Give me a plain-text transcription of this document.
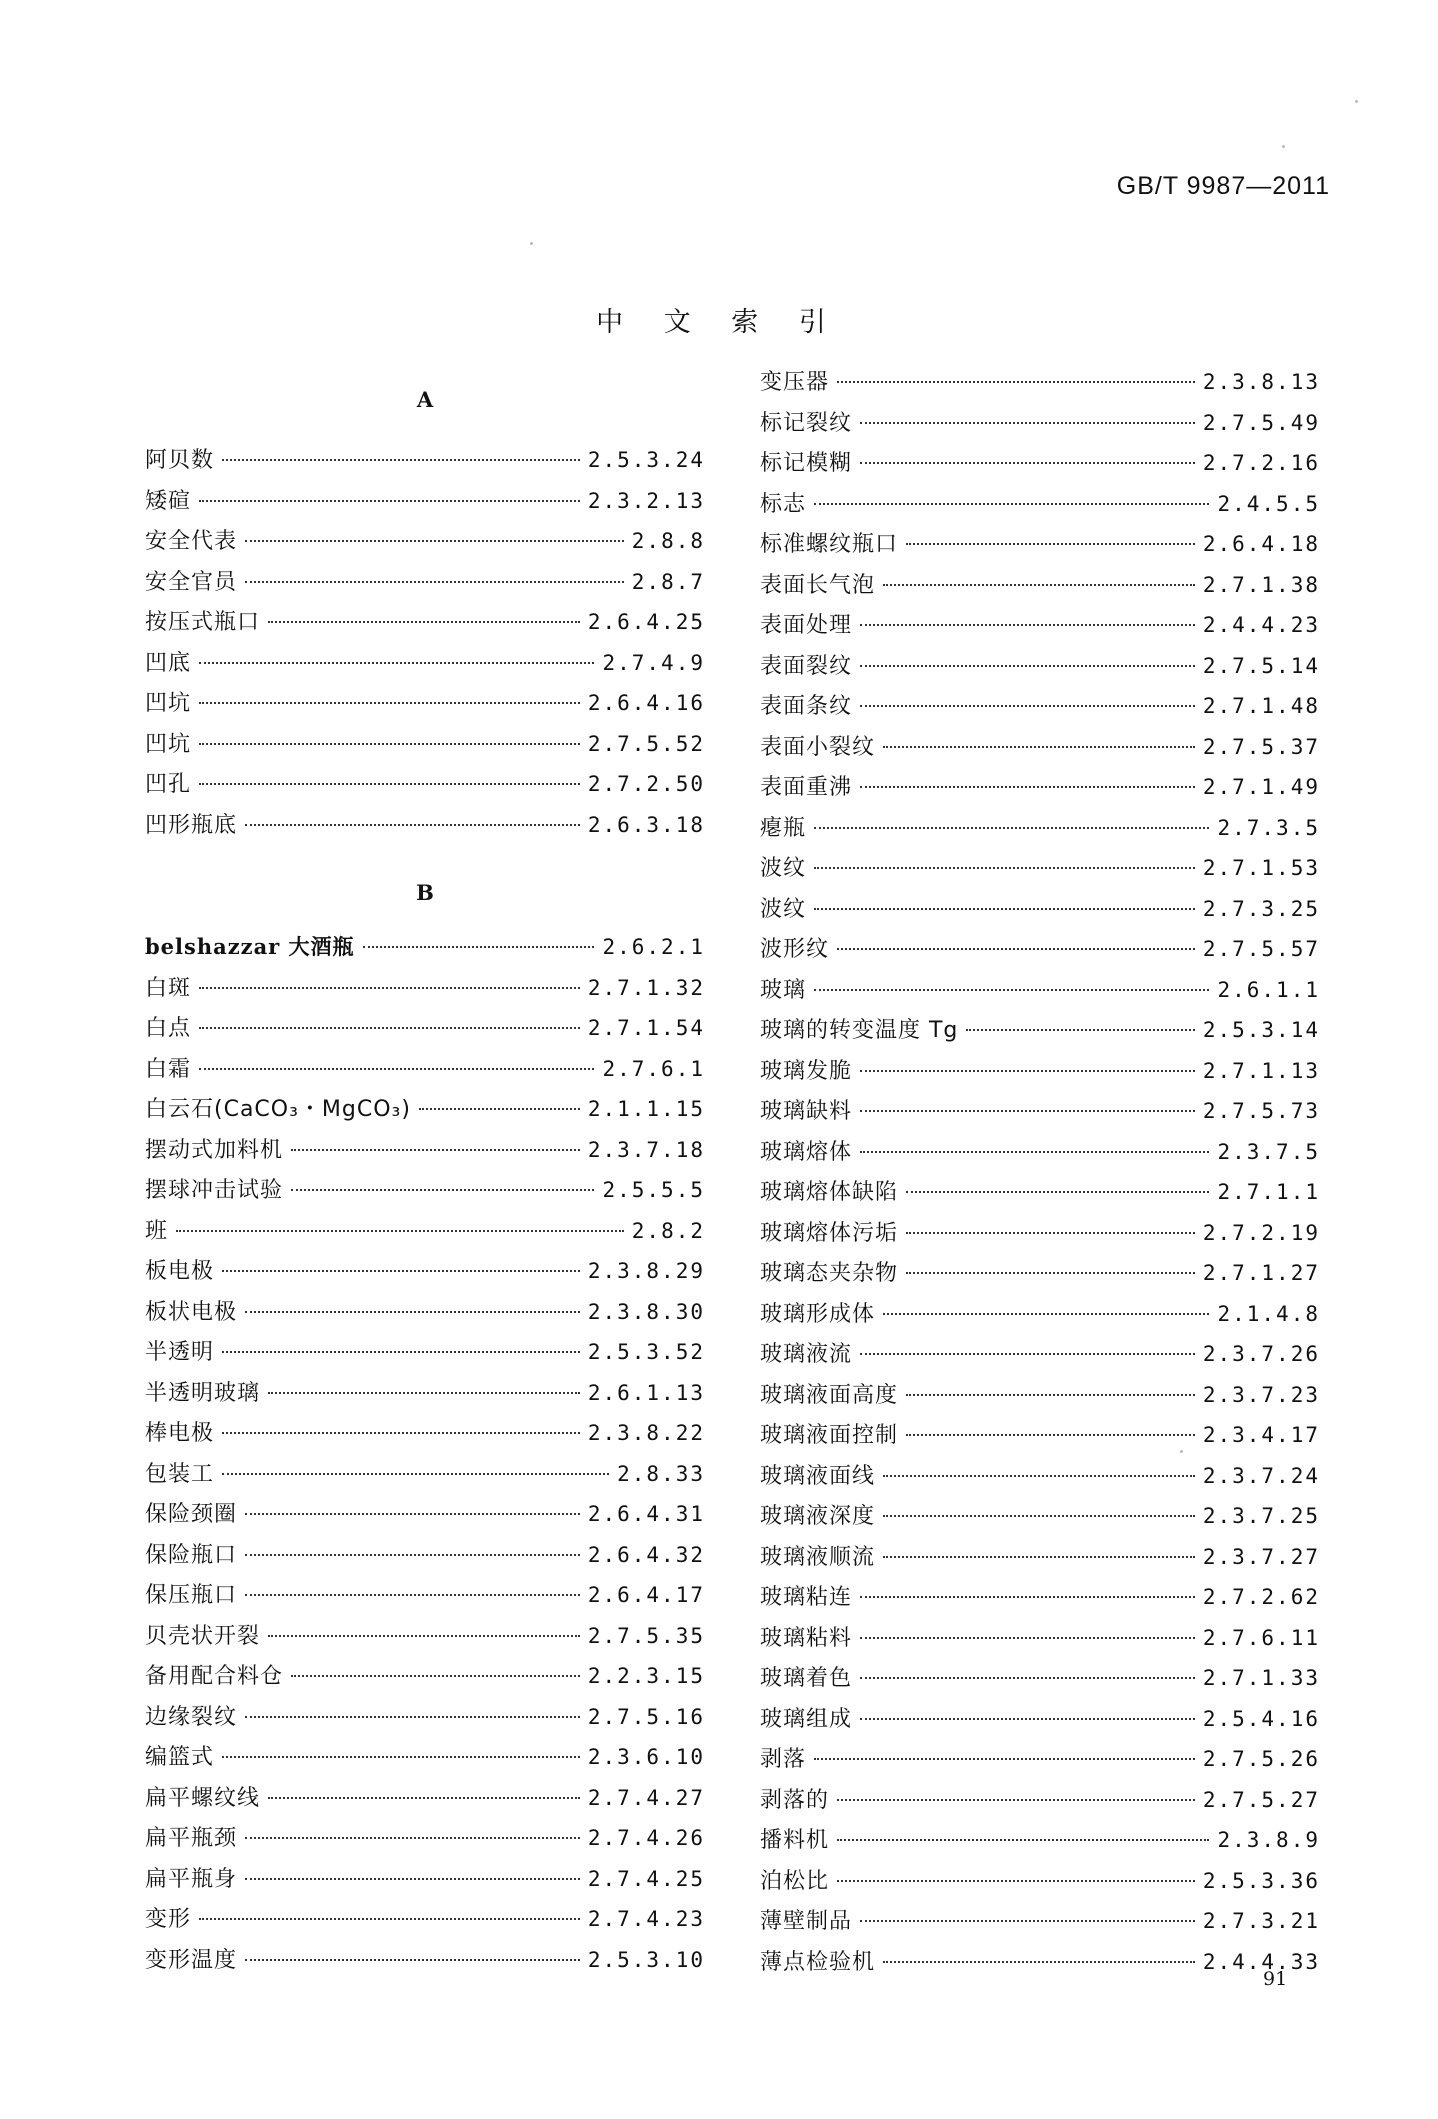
GB/T 9987—2011
中 文 索 引
A
阿贝数	2.5.3.24
矮碹	2.3.2.13
安全代表	2.8.8
安全官员	2.8.7
按压式瓶口	2.6.4.25
凹底	2.7.4.9
凹坑	2.6.4.16
凹坑	2.7.5.52
凹孔	2.7.2.50
凹形瓶底	2.6.3.18
B
belshazzar 大酒瓶	2.6.2.1
白斑	2.7.1.32
白点	2.7.1.54
白霜	2.7.6.1
白云石(CaCO₃・MgCO₃)	2.1.1.15
摆动式加料机	2.3.7.18
摆球冲击试验	2.5.5.5
班	2.8.2
板电极	2.3.8.29
板状电极	2.3.8.30
半透明	2.5.3.52
半透明玻璃	2.6.1.13
棒电极	2.3.8.22
包装工	2.8.33
保险颈圈	2.6.4.31
保险瓶口	2.6.4.32
保压瓶口	2.6.4.17
贝壳状开裂	2.7.5.35
备用配合料仓	2.2.3.15
边缘裂纹	2.7.5.16
编篮式	2.3.6.10
扁平螺纹线	2.7.4.27
扁平瓶颈	2.7.4.26
扁平瓶身	2.7.4.25
变形	2.7.4.23
变形温度	2.5.3.10
变压器	2.3.8.13
标记裂纹	2.7.5.49
标记模糊	2.7.2.16
标志	2.4.5.5
标准螺纹瓶口	2.6.4.18
表面长气泡	2.7.1.38
表面处理	2.4.4.23
表面裂纹	2.7.5.14
表面条纹	2.7.1.48
表面小裂纹	2.7.5.37
表面重沸	2.7.1.49
瘪瓶	2.7.3.5
波纹	2.7.1.53
波纹	2.7.3.25
波形纹	2.7.5.57
玻璃	2.6.1.1
玻璃的转变温度 Tg	2.5.3.14
玻璃发脆	2.7.1.13
玻璃缺料	2.7.5.73
玻璃熔体	2.3.7.5
玻璃熔体缺陷	2.7.1.1
玻璃熔体污垢	2.7.2.19
玻璃态夹杂物	2.7.1.27
玻璃形成体	2.1.4.8
玻璃液流	2.3.7.26
玻璃液面高度	2.3.7.23
玻璃液面控制	2.3.4.17
玻璃液面线	2.3.7.24
玻璃液深度	2.3.7.25
玻璃液顺流	2.3.7.27
玻璃粘连	2.7.2.62
玻璃粘料	2.7.6.11
玻璃着色	2.7.1.33
玻璃组成	2.5.4.16
剥落	2.7.5.26
剥落的	2.7.5.27
播料机	2.3.8.9
泊松比	2.5.3.36
薄壁制品	2.7.3.21
薄点检验机	2.4.4.33
91
